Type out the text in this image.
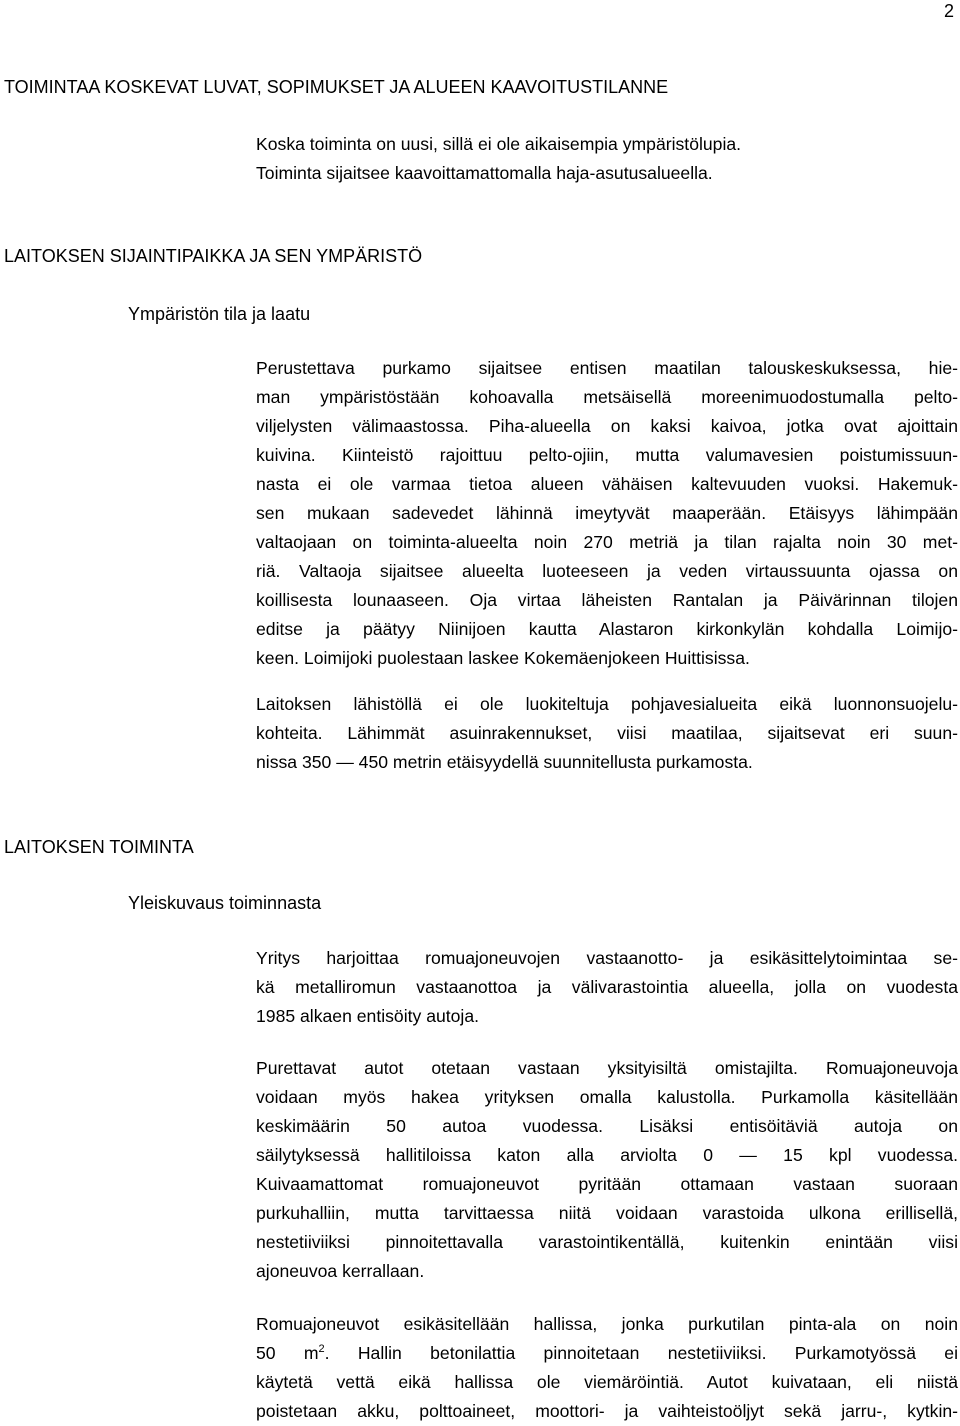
2
TOIMINTAA KOSKEVAT LUVAT, SOPIMUKSET JA ALUEEN KAAVOITUSTILANNE
Koska toiminta on uusi, sillä ei ole aikaisempia ympäristölupia.
Toiminta sijaitsee kaavoittamattomalla haja-asutusalueella.
LAITOKSEN SIJAINTIPAIKKA JA SEN YMPÄRISTÖ
Ympäristön tila ja laatu
Perustettava purkamo sijaitsee entisen maatilan talouskeskuksessa, hie-
man ympäristöstään kohoavalla metsäisellä moreenimuodostumalla pelto-
viljelysten välimaastossa. Piha-alueella on kaksi kaivoa, jotka ovat ajoittain
kuivina. Kiinteistö rajoittuu pelto-ojiin, mutta valumavesien poistumissuun-
nasta ei ole varmaa tietoa alueen vähäisen kaltevuuden vuoksi. Hakemuk-
sen mukaan sadevedet lähinnä imeytyvät maaperään. Etäisyys lähimpään
valtaojaan on toiminta-alueelta noin 270 metriä ja tilan rajalta noin 30 met-
riä. Valtaoja sijaitsee alueelta luoteeseen ja veden virtaussuunta ojassa on
koillisesta lounaaseen. Oja virtaa läheisten Rantalan ja Päivärinnan tilojen
editse ja päätyy Niinijoen kautta Alastaron kirkonkylän kohdalla Loimijo-
keen. Loimijoki puolestaan laskee Kokemäenjokeen Huittisissa.
Laitoksen lähistöllä ei ole luokiteltuja pohjavesialueita eikä luonnonsuojelu-
kohteita. Lähimmät asuinrakennukset, viisi maatilaa, sijaitsevat eri suun-
nissa 350 — 450 metrin etäisyydellä suunnitellusta purkamosta.
LAITOKSEN TOIMINTA
Yleiskuvaus toiminnasta
Yritys harjoittaa romuajoneuvojen vastaanotto- ja esikäsittelytoimintaa se-
kä metalliromun vastaanottoa ja välivarastointia alueella, jolla on vuodesta
1985 alkaen entisöity autoja.
Purettavat autot otetaan vastaan yksityisiltä omistajilta. Romuajoneuvoja
voidaan myös hakea yrityksen omalla kalustolla. Purkamolla käsitellään
keskimäärin 50 autoa vuodessa. Lisäksi entisöitäviä autoja on
säilytyksessä hallitiloissa katon alla arviolta 0 — 15 kpl vuodessa.
Kuivaamattomat romuajoneuvot pyritään ottamaan vastaan suoraan
purkuhalliin, mutta tarvittaessa niitä voidaan varastoida ulkona erillisellä,
nestetiiviiksi pinnoitettavalla varastointikentällä, kuitenkin enintään viisi
ajoneuvoa kerrallaan.
Romuajoneuvot esikäsitellään hallissa, jonka purkutilan pinta-ala on noin
50 $m^2$. Hallin betonilattia pinnoitetaan nestetiiviiksi. Purkamotyössä ei
käytetä vettä eikä hallissa ole viemäröintiä. Autot kuivataan, eli niistä
poistetaan akku, polttoaineet, moottori- ja vaihteistoöljyt sekä jarru-, kytkin-
